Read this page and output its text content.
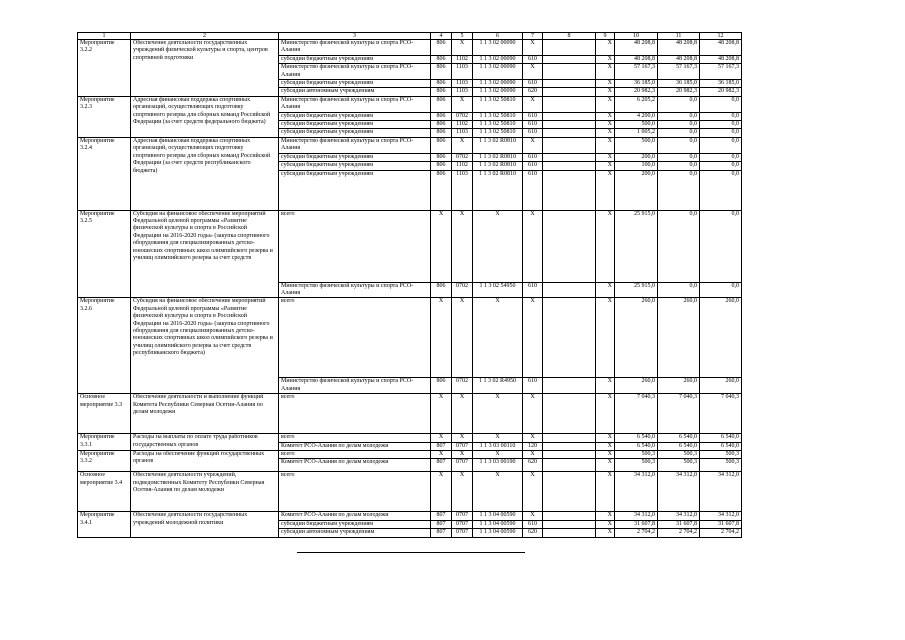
1	2	3	4	5	6	7	8	9	10	11	12
Мероприятие 3.2.2	Обеспечение деятельности государственных учреждений физической культуры и спорта, центров спортивной подготовки	Министерство физической культуры и спорта РСО-Алания	806	Х	1 1 3 02 00090	Х		Х	48 208,8	48 208,8	48 208,8
		субсидии бюджетным учреждениям	806	1102	1 1 3 02 00090	610		Х	48 208,8	48 208,8	48 208,8
		Министерство физической культуры и спорта РСО-Алания	806	1103	1 1 3 02 00090	Х		Х	57 167,3	57 167,3	57 167,3
		субсидии бюджетным учреждениям	806	1103	1 1 3 02 00090	610		Х	36 185,0	36 185,0	36 185,0
		субсидии автономным учреждениям	806	1103	1 1 3 02 00090	620		Х	20 982,3	20 982,3	20 982,3
Мероприятие 3.2.3	Адресная финансовая поддержка спортивных организаций, осуществляющих подготовку спортивного резерва для сборных команд Российской Федерации (за счет средств федерального бюджета)	Министерство физической культуры и спорта РСО-Алания	806	Х	1 1 3 02 50810	Х		Х	6 205,2	0,0	0,0
		субсидии бюджетным учреждениям	806	0702	1 1 3 02 50810	610		Х	4 200,0	0,0	0,0
		субсидии бюджетным учреждениям	806	1102	1 1 3 02 50810	610		Х	500,0	0,0	0,0
		субсидии бюджетным учреждениям	806	1103	1 1 3 02 50810	610		Х	1 005,2	0,0	0,0
Мероприятие 3.2.4	Адресная финансовая поддержка спортивных организаций, осуществляющих подготовку спортивного резерва для сборных команд Российской Федерации (за счет средств республиканского бюджета)	Министерство физической культуры и спорта РСО-Алания	806	Х	1 1 3 02 R0810	Х		Х	500,0	0,0	0,0
		субсидии бюджетным учреждениям	806	0702	1 1 3 02 R0810	610		Х	200,0	0,0	0,0
		субсидии бюджетным учреждениям	806	1102	1 1 3 02 R0810	610		Х	100,0	0,0	0,0
		субсидии бюджетным учреждениям	806	1103	1 1 3 02 R0810	610		Х	200,0	0,0	0,0
Мероприятие 3.2.5	Субсидия на финансовое обеспечение мероприятий Федеральной целевой программы «Развитие физической культуры и спорта в Российской Федерации на 2016-2020 годы» (закупка спортивного оборудования для специализированных детско-юношеских спортивных школ олимпийского резерва и училищ олимпийского резерва за счет средств	всего	Х	Х	Х	Х		Х	25 915,0	0,0	0,0
		Министерство физической культуры и спорта РСО-Алания	806	0702	1 1 3 02 54950	610		Х	25 915,0	0,0	0,0
Мероприятие 3.2.6	Субсидия на финансовое обеспечение мероприятий Федеральной целевой программы «Развитие физической культуры и спорта в Российской Федерации на 2016-2020 годы» (закупка спортивного оборудования для специализированных детско-юношеских спортивных школ олимпийского резерва и училищ олимпийского резерва за счет средств республиканского бюджета)	всего	Х	Х	Х	Х		Х	260,0	260,0	260,0
		Министерство физической культуры и спорта РСО-Алания	806	0702	1 1 3 02 R4950	610		Х	260,0	260,0	260,0
Основное мероприятие 3.3	Обеспечение деятельности и выполнение функций Комитета Республики Северная Осетия-Алания по делам молодежи	всего	Х	Х	Х	Х		Х	7 040,3	7 040,3	7 040,3
Мероприятие 3.3.1	Расходы на выплаты по оплате труда работников государственных органов	всего	Х	Х	Х	Х		Х	6 540,0	6 540,0	6 540,0
		Комитет РСО-Алания по делам молодежи	807	0707	1 1 3 03 00110	120		Х	6 540,0	6 540,0	6 540,0
Мероприятие 3.3.2	Расходы на обеспечение функций государственных органов	всего	Х	Х	Х	Х		Х	500,3	500,3	500,3
		Комитет РСО-Алания по делам молодежи	807	0707	1 1 3 03 00190	620		Х	500,3	500,3	500,3
Основное мероприятие 3.4	Обеспечение деятельности учреждений, подведомственных Комитету Республики Северная Осетия-Алания по делам молодежи	всего	Х	Х	Х	Х		Х	34 312,0	34 312,0	34 312,0
Мероприятие 3.4.1	Обеспечение деятельности государственных учреждений молодежной политики	Комитет РСО-Алания по делам молодежи	807	0707	1 1 3 04 00590	Х		Х	34 312,0	34 312,0	34 312,0
		субсидии бюджетным учреждениям	807	0707	1 1 3 04 00590	610		Х	31 607,8	31 607,8	31 607,8
		субсидии автономным учреждениям	807	0707	1 1 3 04 00590	620		Х	2 704,2	2 704,2	2 704,2
